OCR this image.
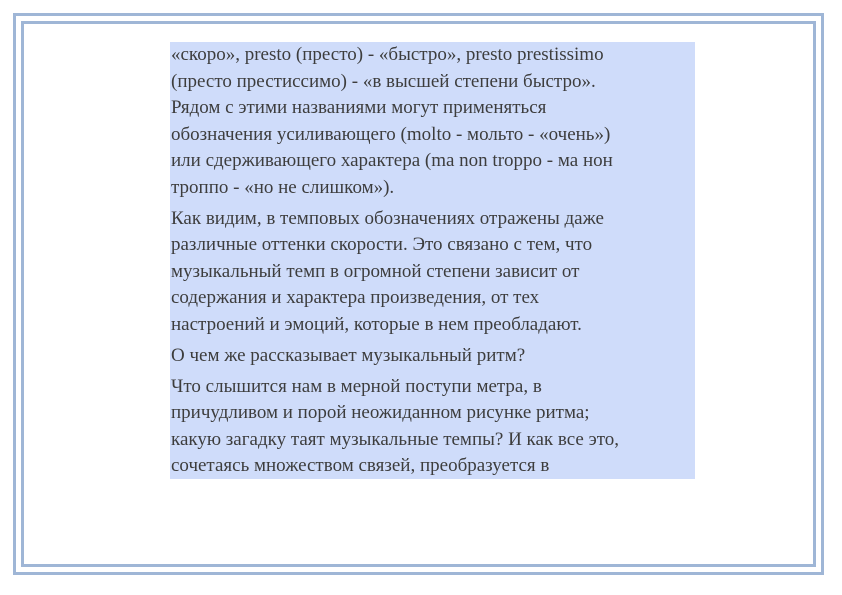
«скоро», presto (престо) - «быстро», presto prestissimo
(престо престиссимо) - «в высшей степени быстро».
Рядом с этими названиями могут применяться
обозначения усиливающего (molto - мольто - «очень»)
или сдерживающего характера (ma non troppo - ма нон
троппо - «но не слишком»).

Как видим, в темповых обозначениях отражены даже
различные оттенки скорости. Это связано с тем, что
музыкальный темп в огромной степени зависит от
содержания и характера произведения, от тех
настроений и эмоций, которые в нем преобладают.

О чем же рассказывает музыкальный ритм?

Что слышится нам в мерной поступи метра, в
причудливом и порой неожиданном рисунке ритма;
какую загадку таят музыкальные темпы? И как все это,
сочетаясь множеством связей, преобразуется в
